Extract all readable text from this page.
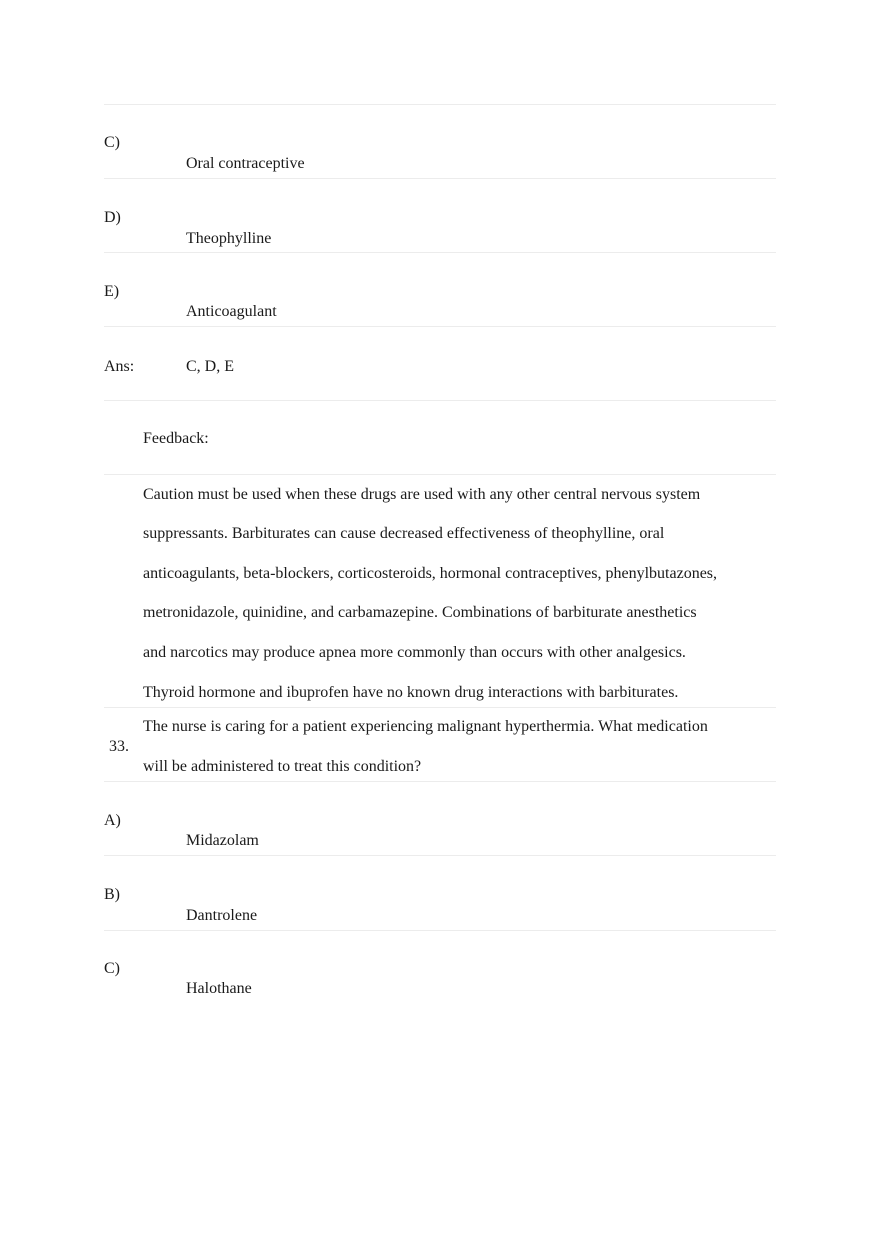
C)
Oral contraceptive
D)
Theophylline
E)
Anticoagulant
Ans:	C, D, E
Feedback:
Caution must be used when these drugs are used with any other central nervous system
suppressants. Barbiturates can cause decreased effectiveness of theophylline, oral
anticoagulants, beta-blockers, corticosteroids, hormonal contraceptives, phenylbutazones,
metronidazole, quinidine, and carbamazepine. Combinations of barbiturate anesthetics
and narcotics may produce apnea more commonly than occurs with other analgesics.
Thyroid hormone and ibuprofen have no known drug interactions with barbiturates.
33.
The nurse is caring for a patient experiencing malignant hyperthermia. What medication
will be administered to treat this condition?
A)
Midazolam
B)
Dantrolene
C)
Halothane
